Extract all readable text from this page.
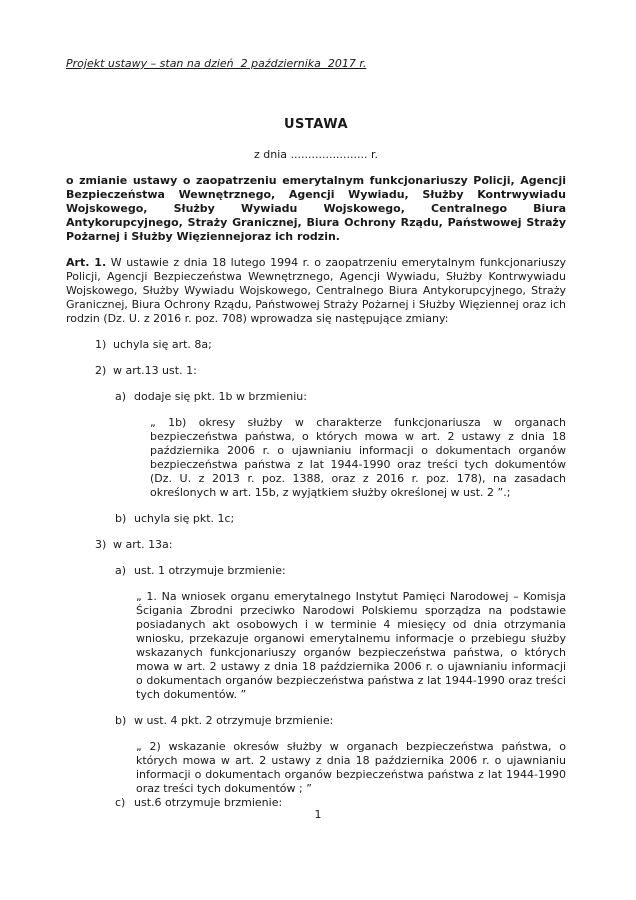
Projekt ustawy – stan na dzień  2 października  2017 r.
USTAWA
z dnia ...................... r.
o zmianie ustawy o zaopatrzeniu emerytalnym funkcjonariuszy Policji, Agencji Bezpieczeństwa Wewnętrznego, Agencji Wywiadu, Służby Kontrwywiadu Wojskowego, Służby Wywiadu Wojskowego, Centralnego Biura Antykorupcyjnego, Straży Granicznej, Biura Ochrony Rządu, Państwowej Straży Pożarnej i Służby Więziennejoraz ich rodzin.
Art. 1. W ustawie z dnia 18 lutego 1994 r. o zaopatrzeniu emerytalnym funkcjonariuszy Policji, Agencji Bezpieczeństwa Wewnętrznego, Agencji Wywiadu, Służby Kontrwywiadu Wojskowego, Służby Wywiadu Wojskowego, Centralnego Biura Antykorupcyjnego, Straży Granicznej, Biura Ochrony Rządu, Państwowej Straży Pożarnej i Służby Więziennej oraz ich rodzin (Dz. U. z 2016 r. poz. 708) wprowadza się następujące zmiany:
1) uchyla się art. 8a;
2) w art.13 ust. 1:
a) dodaje się pkt. 1b w brzmieniu:
„ 1b) okresy służby w charakterze funkcjonariusza w organach bezpieczeństwa państwa, o których mowa w art. 2 ustawy z dnia 18 października 2006 r. o ujawnianiu informacji o dokumentach organów bezpieczeństwa państwa z lat 1944-1990 oraz treści tych dokumentów (Dz. U. z 2013 r. poz. 1388, oraz z 2016 r. poz. 178), na zasadach określonych w art. 15b, z wyjątkiem służby określonej w ust. 2 ”.;
b) uchyla się pkt. 1c;
3) w art. 13a:
a) ust. 1 otrzymuje brzmienie:
„ 1. Na wniosek organu emerytalnego Instytut Pamięci Narodowej – Komisja Ścigania Zbrodni przeciwko Narodowi Polskiemu sporządza na podstawie posiadanych akt osobowych i w terminie 4 miesięcy od dnia otrzymania wniosku, przekazuje organowi emerytalnemu informacje o przebiegu służby wskazanych funkcjonariuszy organów bezpieczeństwa państwa, o których mowa w art. 2 ustawy z dnia 18 października 2006 r. o ujawnianiu informacji o dokumentach organów bezpieczeństwa państwa z lat 1944-1990 oraz treści tych dokumentów. ”
b) w ust. 4 pkt. 2 otrzymuje brzmienie:
„ 2) wskazanie okresów służby w organach bezpieczeństwa państwa, o których mowa w art. 2 ustawy z dnia 18 października 2006 r. o ujawnianiu informacji o dokumentach organów bezpieczeństwa państwa z lat 1944-1990 oraz treści tych dokumentów ; ”
c) ust.6 otrzymuje brzmienie:
1
